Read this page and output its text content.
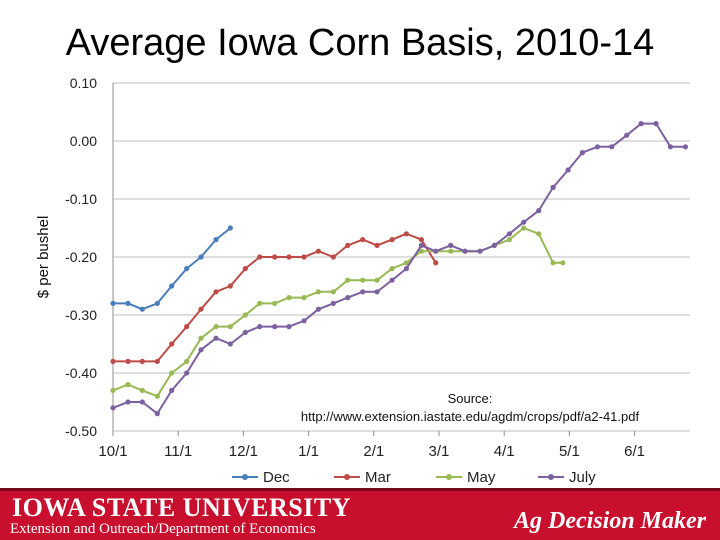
Average Iowa Corn Basis, 2010-14
0.10
0.00
-0.10
-0.20
-0.30
-0.40
-0.50
10/1 11/1 12/1	1/1	2/1	3/1	4/1	5/1	6/1
$ per bushel
Dec	Mar	May	July
Source:
http://www.extension.iastate.edu/agdm/crops/pdf/a2-41.pdf
IOWA STATE UNIVERSITY
Extension and Outreach/Department of Economics	Ag Decision Maker
